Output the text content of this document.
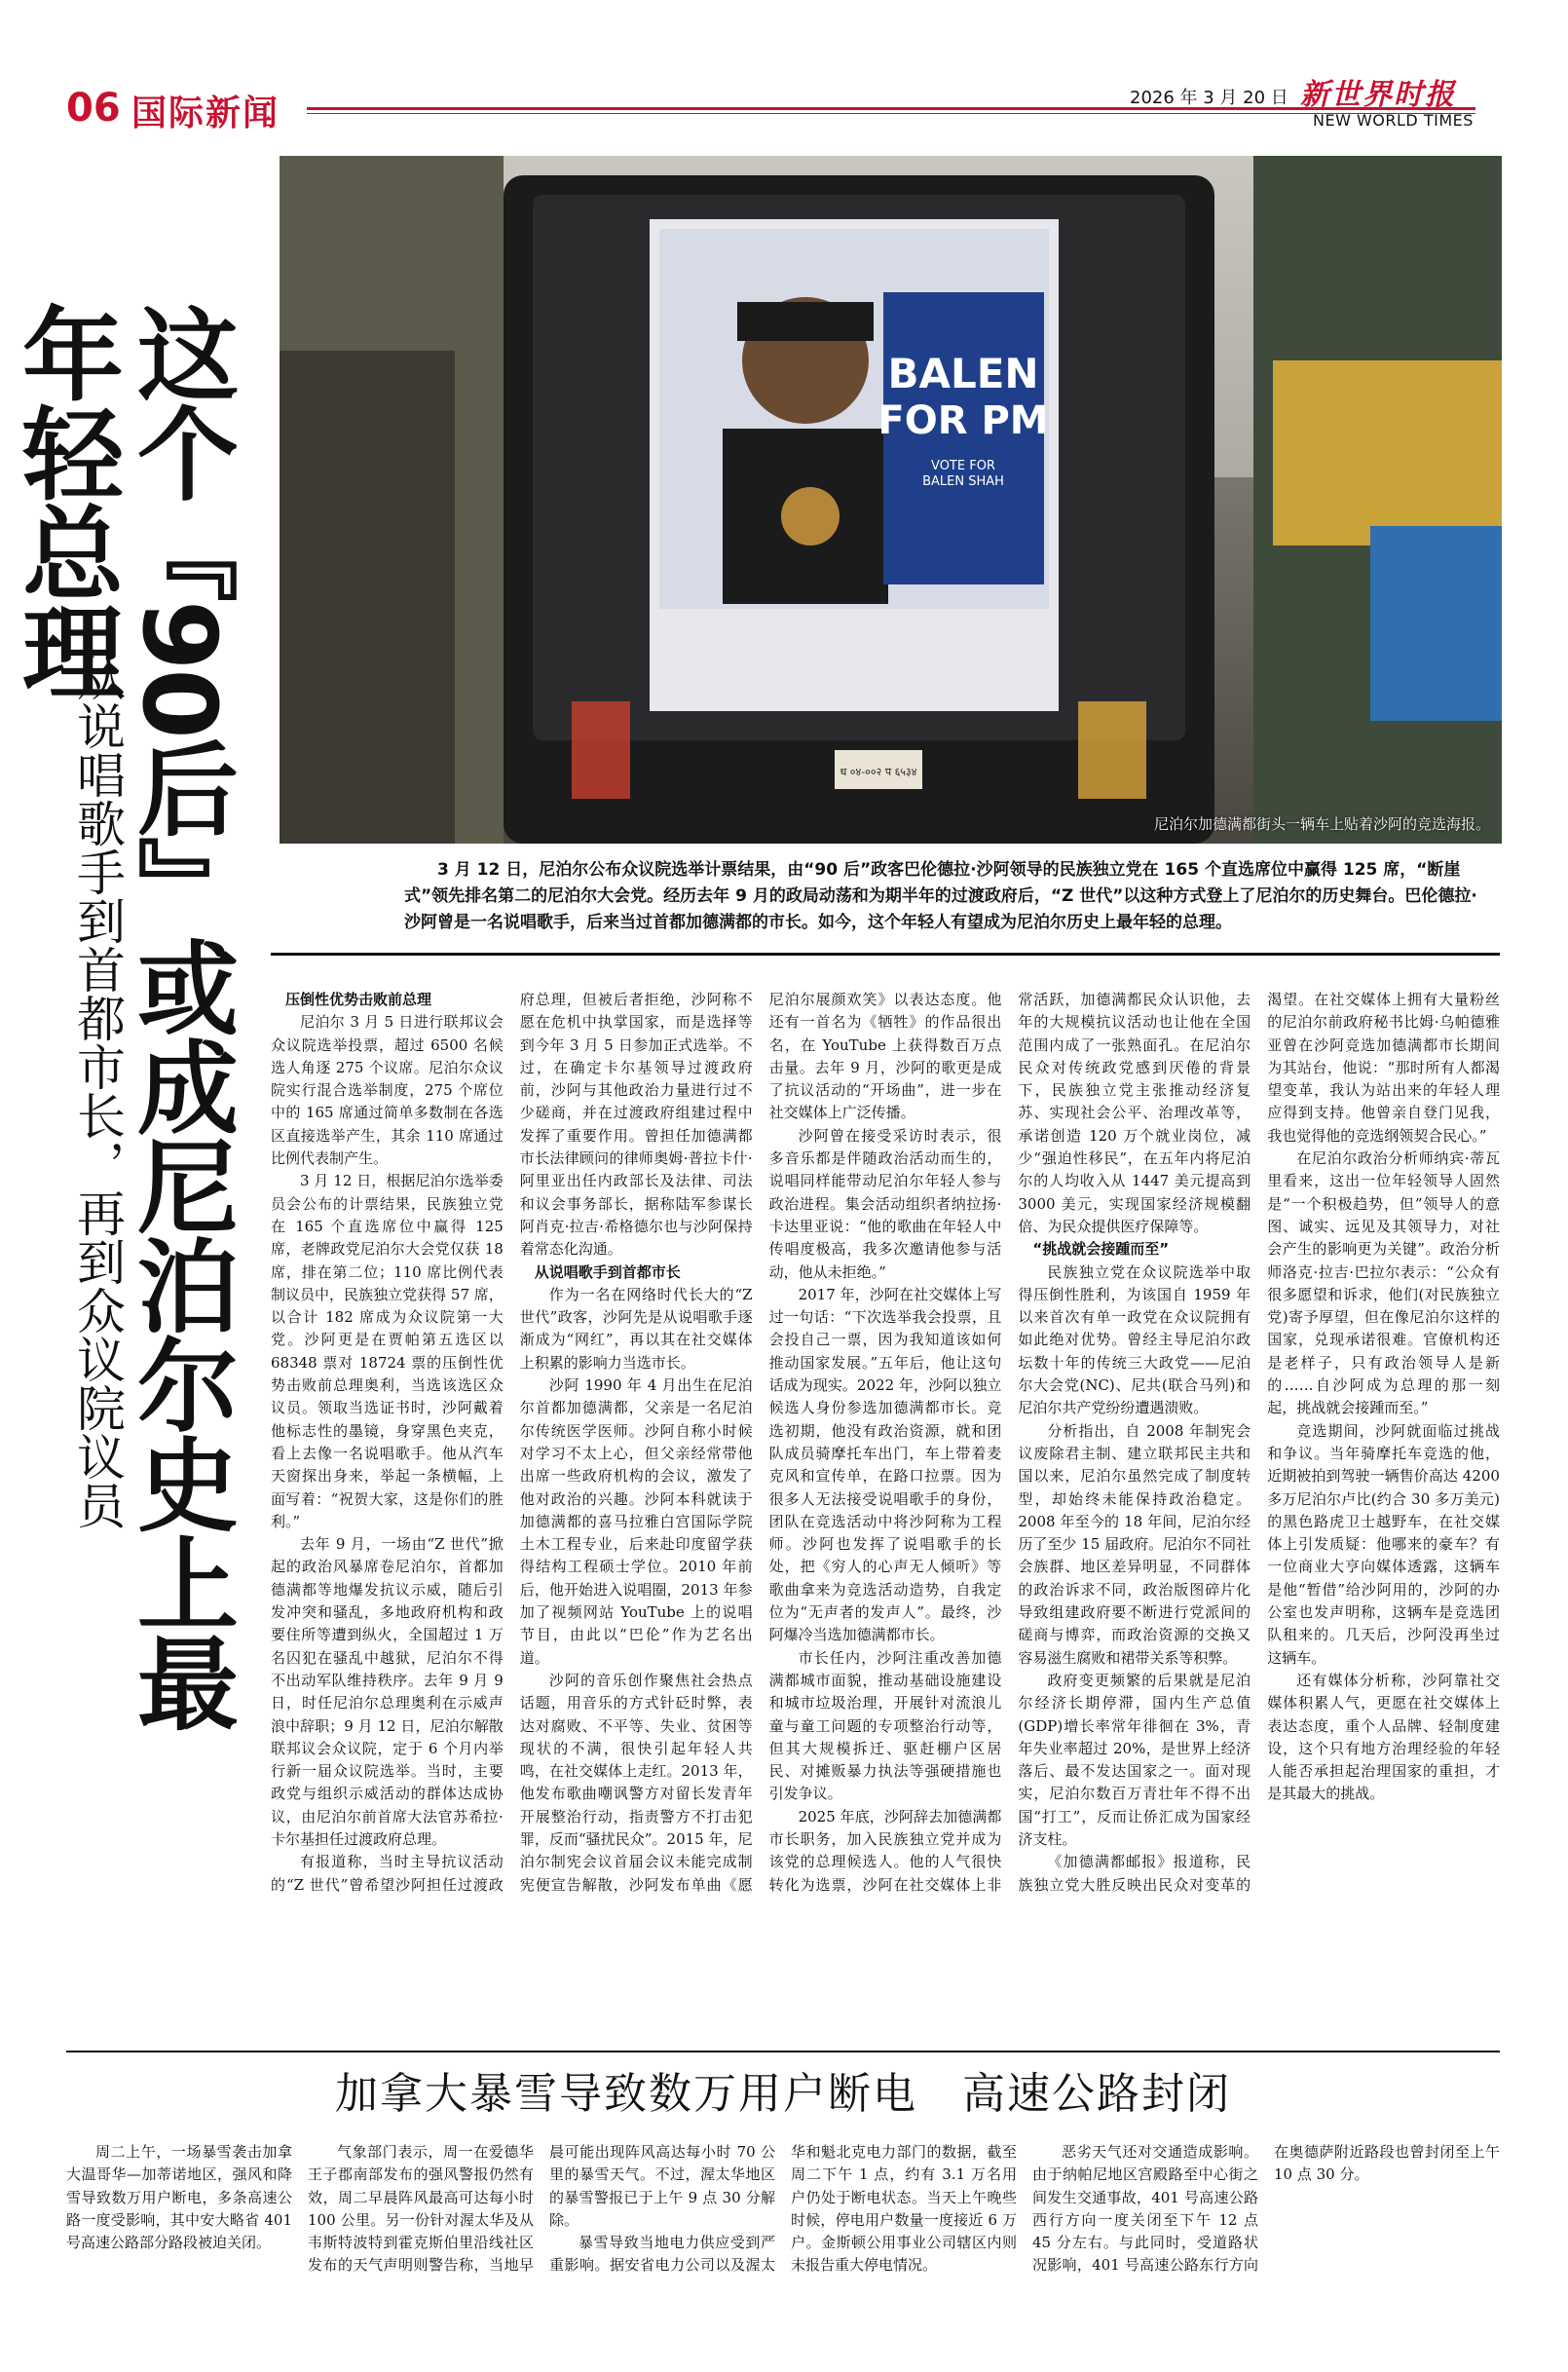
06 国际新闻	2026 年 3 月 20 日 新世界时报
NEW WORLD TIMES
BALEN
FOR PM
VOTE FOR
BALEN SHAH
ध ०४-००२ प ६५३४
尼泊尔加德满都街头一辆车上贴着沙阿的竞选海报。
这个『90后』或成尼泊尔史上最年轻总理
从说唱歌手到首都市长，再到众议院议员	3 月 12 日，尼泊尔公布众议院选举计票结果，由“90 后”政客巴伦德拉·沙阿领导的民族独立党在 165 个直选席位中赢得 125 席，“断崖式”领先排名第二的尼泊尔大会党。经历去年 9 月的政局动荡和为期半年的过渡政府后，“Z 世代”以这种方式登上了尼泊尔的历史舞台。巴伦德拉·沙阿曾是一名说唱歌手，后来当过首都加德满都的市长。如今，这个年轻人有望成为尼泊尔历史上最年轻的总理。

压倒性优势击败前总理

尼泊尔 3 月 5 日进行联邦议会众议院选举投票，超过 6500 名候选人角逐 275 个议席。尼泊尔众议院实行混合选举制度，275 个席位中的 165 席通过简单多数制在各选区直接选举产生，其余 110 席通过比例代表制产生。

3 月 12 日，根据尼泊尔选举委员会公布的计票结果，民族独立党在 165 个直选席位中赢得 125 席，老牌政党尼泊尔大会党仅获 18 席，排在第二位；110 席比例代表制议员中，民族独立党获得 57 席，以合计 182 席成为众议院第一大党。沙阿更是在贾帕第五选区以 68348 票对 18724 票的压倒性优势击败前总理奥利，当选该选区众议员。领取当选证书时，沙阿戴着他标志性的墨镜，身穿黑色夹克，看上去像一名说唱歌手。他从汽车天窗探出身来，举起一条横幅，上面写着：“祝贺大家，这是你们的胜利。”

去年 9 月，一场由“Z 世代”掀起的政治风暴席卷尼泊尔，首都加德满都等地爆发抗议示威，随后引发冲突和骚乱，多地政府机构和政要住所等遭到纵火，全国超过 1 万名囚犯在骚乱中越狱，尼泊尔不得不出动军队维持秩序。去年 9 月 9 日，时任尼泊尔总理奥利在示威声浪中辞职；9 月 12 日，尼泊尔解散联邦议会众议院，定于 6 个月内举行新一届众议院选举。当时，主要政党与组织示威活动的群体达成协议，由尼泊尔前首席大法官苏希拉·卡尔基担任过渡政府总理。

有报道称，当时主导抗议活动的“Z 世代”曾希望沙阿担任过渡政府总理，但被后者拒绝，沙阿称不愿在危机中执掌国家，而是选择等到今年 3 月 5 日参加正式选举。不过，在确定卡尔基领导过渡政府前，沙阿与其他政治力量进行过不少磋商，并在过渡政府组建过程中发挥了重要作用。曾担任加德满都市长法律顾问的律师奥姆·普拉卡什·阿里亚出任内政部长及法律、司法和议会事务部长，据称陆军参谋长阿肖克·拉吉·希格德尔也与沙阿保持着常态化沟通。

从说唱歌手到首都市长

作为一名在网络时代长大的“Z 世代”政客，沙阿先是从说唱歌手逐渐成为“网红”，再以其在社交媒体上积累的影响力当选市长。

沙阿 1990 年 4 月出生在尼泊尔首都加德满都，父亲是一名尼泊尔传统医学医师。沙阿自称小时候对学习不太上心，但父亲经常带他出席一些政府机构的会议，激发了他对政治的兴趣。沙阿本科就读于加德满都的喜马拉雅白宫国际学院土木工程专业，后来赴印度留学获得结构工程硕士学位。2010 年前后，他开始进入说唱圈，2013 年参加了视频网站 YouTube 上的说唱节目，由此以“巴伦”作为艺名出道。

沙阿的音乐创作聚焦社会热点话题，用音乐的方式针砭时弊，表达对腐败、不平等、失业、贫困等现状的不满，很快引起年轻人共鸣，在社交媒体上走红。2013 年，他发布歌曲嘲讽警方对留长发青年开展整治行动，指责警方不打击犯罪，反而“骚扰民众”。2015 年，尼泊尔制宪会议首届会议未能完成制宪便宣告解散，沙阿发布单曲《愿尼泊尔展颜欢笑》以表达态度。他还有一首名为《牺牲》的作品很出名，在 YouTube 上获得数百万点击量。去年 9 月，沙阿的歌更是成了抗议活动的“开场曲”，进一步在社交媒体上广泛传播。

沙阿曾在接受采访时表示，很多音乐都是伴随政治活动而生的，说唱同样能带动尼泊尔年轻人参与政治进程。集会活动组织者纳拉扬·卡达里亚说：“他的歌曲在年轻人中传唱度极高，我多次邀请他参与活动，他从未拒绝。”

2017 年，沙阿在社交媒体上写过一句话：“下次选举我会投票，且会投自己一票，因为我知道该如何推动国家发展。”五年后，他让这句话成为现实。2022 年，沙阿以独立候选人身份参选加德满都市长。竞选初期，他没有政治资源，就和团队成员骑摩托车出门，车上带着麦克风和宣传单，在路口拉票。因为很多人无法接受说唱歌手的身份，团队在竞选活动中将沙阿称为工程师。沙阿也发挥了说唱歌手的长处，把《穷人的心声无人倾听》等歌曲拿来为竞选活动造势，自我定位为“无声者的发声人”。最终，沙阿爆冷当选加德满都市长。

市长任内，沙阿注重改善加德满都城市面貌，推动基础设施建设和城市垃圾治理，开展针对流浪儿童与童工问题的专项整治行动等，但其大规模拆迁、驱赶棚户区居民、对摊贩暴力执法等强硬措施也引发争议。

2025 年底，沙阿辞去加德满都市长职务，加入民族独立党并成为该党的总理候选人。他的人气很快转化为选票，沙阿在社交媒体上非常活跃，加德满都民众认识他，去年的大规模抗议活动也让他在全国范围内成了一张熟面孔。在尼泊尔民众对传统政党感到厌倦的背景下，民族独立党主张推动经济复苏、实现社会公平、治理改革等，承诺创造 120 万个就业岗位，减少“强迫性移民”，在五年内将尼泊尔的人均收入从 1447 美元提高到 3000 美元，实现国家经济规模翻倍、为民众提供医疗保障等。

“挑战就会接踵而至”

民族独立党在众议院选举中取得压倒性胜利，为该国自 1959 年以来首次有单一政党在众议院拥有如此绝对优势。曾经主导尼泊尔政坛数十年的传统三大政党——尼泊尔大会党(NC)、尼共(联合马列)和尼泊尔共产党纷纷遭遇溃败。

分析指出，自 2008 年制宪会议废除君主制、建立联邦民主共和国以来，尼泊尔虽然完成了制度转型，却始终未能保持政治稳定。2008 年至今的 18 年间，尼泊尔经历了至少 15 届政府。尼泊尔不同社会族群、地区差异明显，不同群体的政治诉求不同，政治版图碎片化导致组建政府要不断进行党派间的磋商与博弈，而政治资源的交换又容易滋生腐败和裙带关系等积弊。

政府变更频繁的后果就是尼泊尔经济长期停滞，国内生产总值(GDP)增长率常年徘徊在 3%，青年失业率超过 20%，是世界上经济落后、最不发达国家之一。面对现实，尼泊尔数百万青壮年不得不出国“打工”，反而让侨汇成为国家经济支柱。

《加德满都邮报》报道称，民族独立党大胜反映出民众对变革的渴望。在社交媒体上拥有大量粉丝的尼泊尔前政府秘书比姆·乌帕德雅亚曾在沙阿竞选加德满都市长期间为其站台，他说：“那时所有人都渴望变革，我认为站出来的年轻人理应得到支持。他曾亲自登门见我，我也觉得他的竞选纲领契合民心。”

在尼泊尔政治分析师纳宾·蒂瓦里看来，这出一位年轻领导人固然是“一个积极趋势，但”领导人的意图、诚实、远见及其领导力，对社会产生的影响更为关键”。政治分析师洛克·拉吉·巴拉尔表示：“公众有很多愿望和诉求，他们(对民族独立党)寄予厚望，但在像尼泊尔这样的国家，兑现承诺很难。官僚机构还是老样子，只有政治领导人是新的……自沙阿成为总理的那一刻起，挑战就会接踵而至。”

竞选期间，沙阿就面临过挑战和争议。当年骑摩托车竞选的他，近期被拍到驾驶一辆售价高达 4200 多万尼泊尔卢比(约合 30 多万美元)的黑色路虎卫士越野车，在社交媒体上引发质疑：他哪来的豪车？有一位商业大亨向媒体透露，这辆车是他“暂借”给沙阿用的，沙阿的办公室也发声明称，这辆车是竞选团队租来的。几天后，沙阿没再坐过这辆车。

还有媒体分析称，沙阿靠社交媒体积累人气，更愿在社交媒体上表达态度，重个人品牌、轻制度建设，这个只有地方治理经验的年轻人能否承担起治理国家的重担，才是其最大的挑战。

加拿大暴雪导致数万用户断电　高速公路封闭

周二上午，一场暴雪袭击加拿大温哥华—加蒂诺地区，强风和降雪导致数万用户断电，多条高速公路一度受影响，其中安大略省 401 号高速公路部分路段被迫关闭。

气象部门表示，周一在爱德华王子郡南部发布的强风警报仍然有效，周二早晨阵风最高可达每小时 100 公里。另一份针对渥太华及从韦斯特波特到霍克斯伯里沿线社区发布的天气声明则警告称，当地早晨可能出现阵风高达每小时 70 公里的暴雪天气。不过，渥太华地区的暴雪警报已于上午 9 点 30 分解除。

暴雪导致当地电力供应受到严重影响。据安省电力公司以及渥太华和魁北克电力部门的数据，截至周二下午 1 点，约有 3.1 万名用户仍处于断电状态。当天上午晚些时候，停电用户数量一度接近 6 万户。金斯顿公用事业公司辖区内则未报告重大停电情况。

恶劣天气还对交通造成影响。由于纳帕尼地区宫殿路至中心街之间发生交通事故，401 号高速公路西行方向一度关闭至下午 12 点 45 分左右。与此同时，受道路状况影响，401 号高速公路东行方向在奥德萨附近路段也曾封闭至上午 10 点 30 分。
